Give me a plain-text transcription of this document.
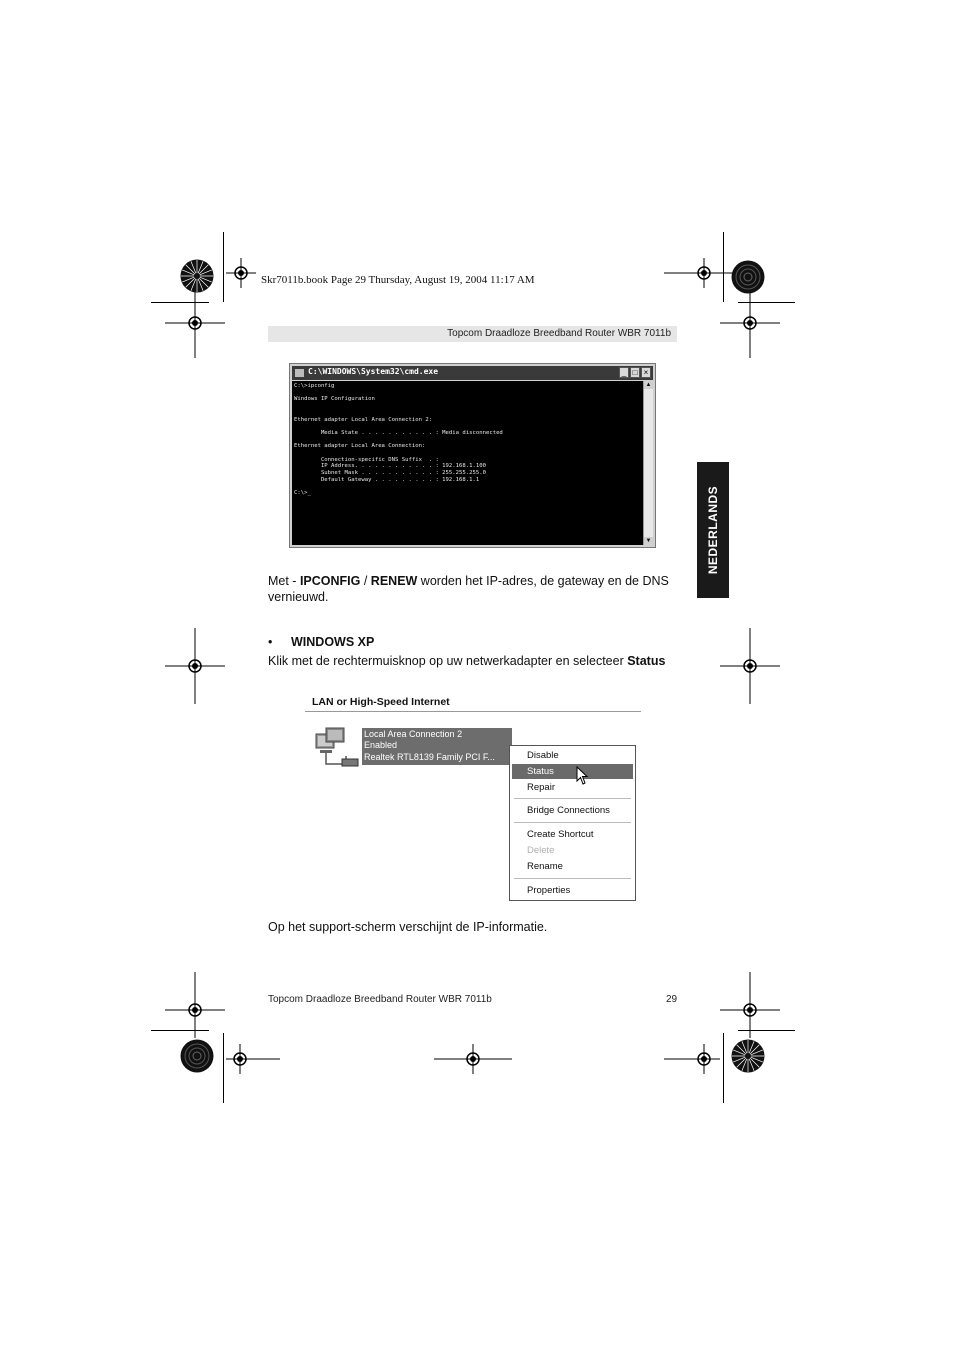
Skr7011b.book Page 29 Thursday, August 19, 2004 11:17 AM
Topcom Draadloze Breedband Router WBR 7011b
NEDERLANDS
C:\WINDOWS\System32\cmd.exe	_ □ ×
C:\>ipconfig

Windows IP Configuration

Ethernet adapter Local Area Connection 2:

Media State . . . . . . . . . . . : Media disconnected

Ethernet adapter Local Area Connection:

Connection-specific DNS Suffix  . :
IP Address. . . . . . . . . . . . : 192.168.1.100
Subnet Mask . . . . . . . . . . . : 255.255.255.0
Default Gateway . . . . . . . . . : 192.168.1.1

C:\>_
▲
▼
Met - IPCONFIG / RENEW worden het IP-adres, de gateway en de DNS
vernieuwd.
• WINDOWS XP
Klik met de rechtermuisknop op uw netwerkadapter en selecteer Status
LAN or High-Speed Internet
Local Area Connection 2
Enabled
Realtek RTL8139 Family PCI F...	Disable
Status
Repair
Bridge Connections
Create Shortcut
Delete
Rename
Properties
Op het support-scherm verschijnt de IP-informatie.
Topcom Draadloze Breedband Router WBR 7011b	29
